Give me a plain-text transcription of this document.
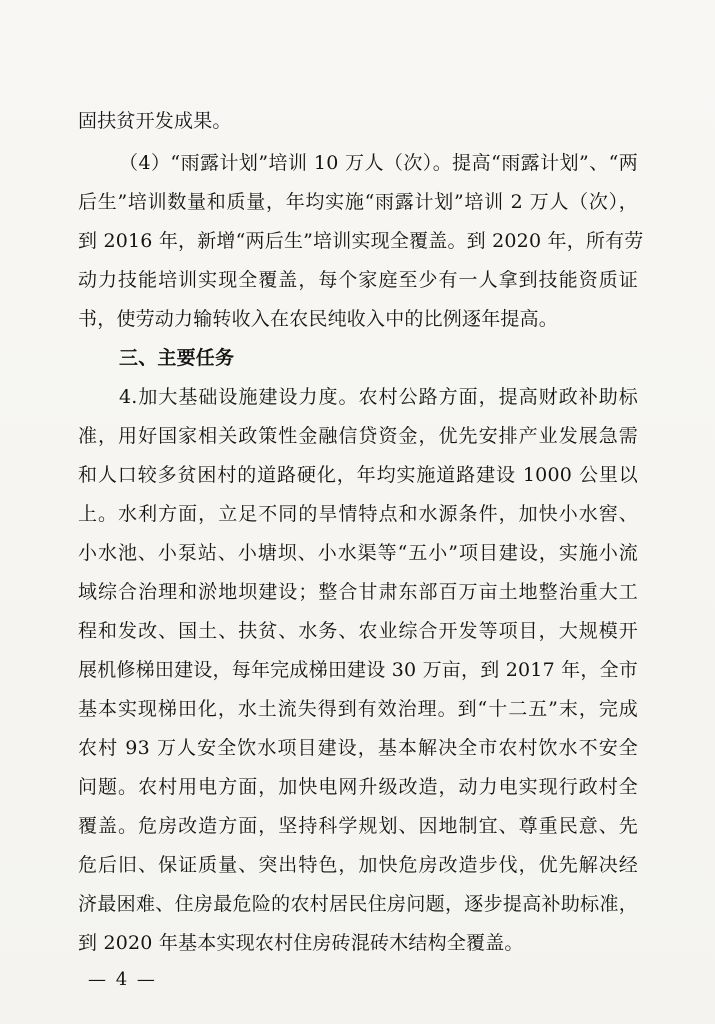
固扶贫开发成果。
（4）“雨露计划”培训 10 万人（次）。提高“雨露计划”、“两
后生”培训数量和质量，年均实施“雨露计划”培训 2 万人（次），
到 2016 年，新增“两后生”培训实现全覆盖。到 2020 年，所有劳
动力技能培训实现全覆盖，每个家庭至少有一人拿到技能资质证
书，使劳动力输转收入在农民纯收入中的比例逐年提高。
三、主要任务
4.加大基础设施建设力度。农村公路方面，提高财政补助标
准，用好国家相关政策性金融信贷资金，优先安排产业发展急需
和人口较多贫困村的道路硬化，年均实施道路建设 1000 公里以
上。水利方面，立足不同的旱情特点和水源条件，加快小水窖、
小水池、小泵站、小塘坝、小水渠等“五小”项目建设，实施小流
域综合治理和淤地坝建设；整合甘肃东部百万亩土地整治重大工
程和发改、国土、扶贫、水务、农业综合开发等项目，大规模开
展机修梯田建设，每年完成梯田建设 30 万亩，到 2017 年，全市
基本实现梯田化，水土流失得到有效治理。到“十二五”末，完成
农村 93 万人安全饮水项目建设，基本解决全市农村饮水不安全
问题。农村用电方面，加快电网升级改造，动力电实现行政村全
覆盖。危房改造方面，坚持科学规划、因地制宜、尊重民意、先
危后旧、保证质量、突出特色，加快危房改造步伐，优先解决经
济最困难、住房最危险的农村居民住房问题，逐步提高补助标准，
到 2020 年基本实现农村住房砖混砖木结构全覆盖。
— 4 —
